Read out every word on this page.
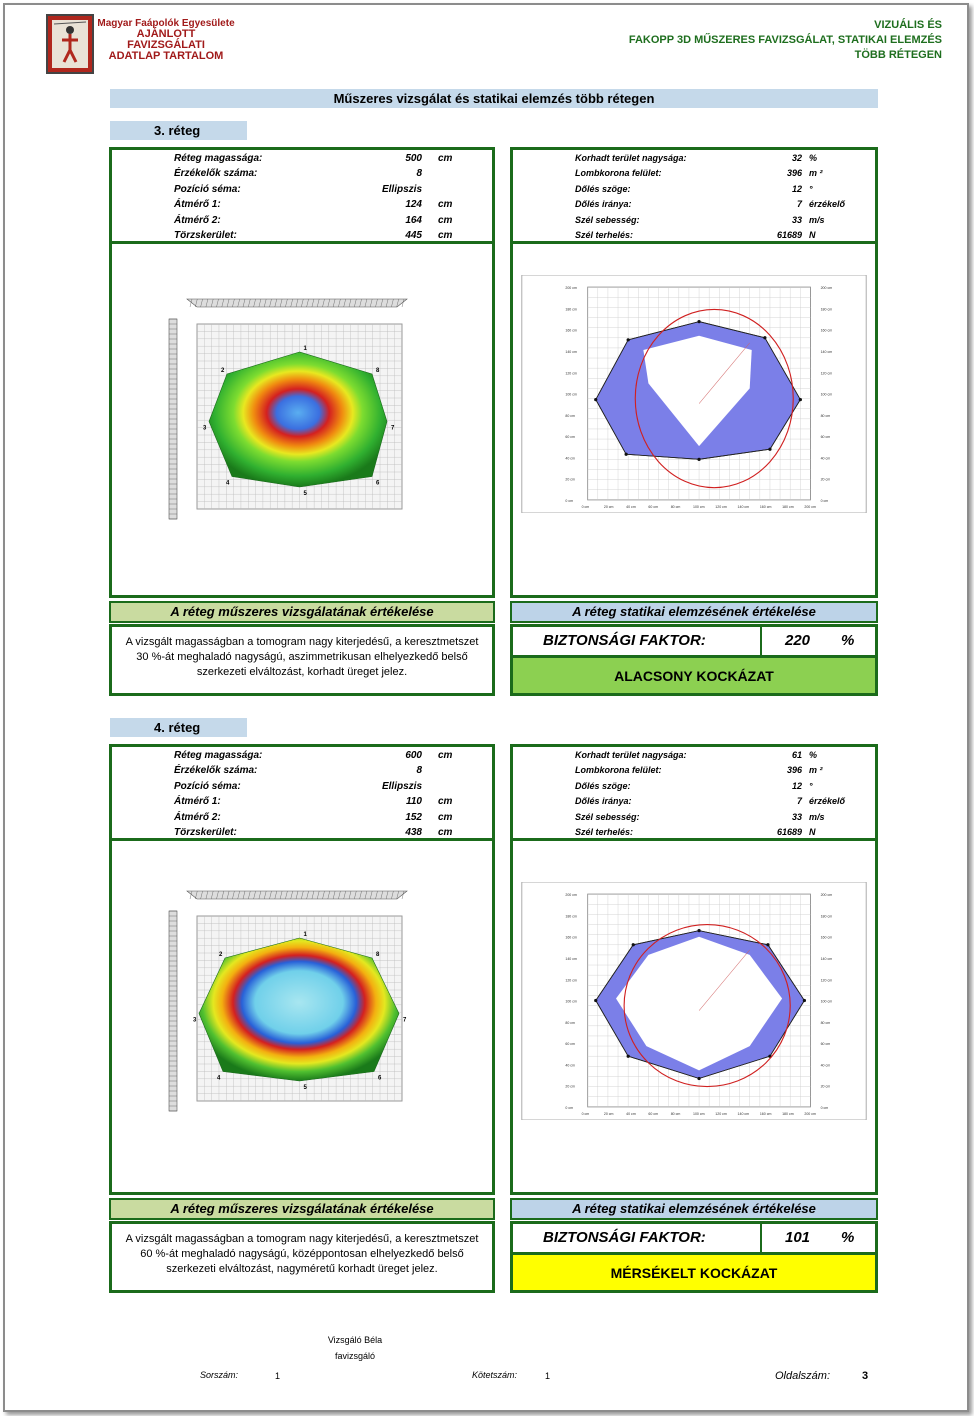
Magyar Faápolók Egyesülete
AJÁNLOTT
FAVIZSGÁLATI
ADATLAP TARTALOM
VIZUÁLIS ÉS
FAKOPP 3D MŰSZERES FAVIZSGÁLAT, STATIKAI ELEMZÉS
TÖBB RÉTEGEN
Műszeres vizsgálat és statikai elemzés több rétegen
3. réteg
Réteg magassága:	500 cm
Érzékelők száma:	8
Pozíció séma:	Ellipszis
Átmérő 1:	124 cm
Átmérő 2:	164 cm
Törzskerület:	445 cm
Korhadt terület nagysága:	32 %
Lombkorona felület:	396 m ²
Dőlés szöge:	12 °
Dőlés iránya:	7 érzékelő
Szél sebesség:	33 m/s
Szél terhelés:	61689 N
1
2
3
4
5
6
7
8
200 cm	200 cm
180 cm	180 cm
160 cm	160 cm
140 cm	140 cm
120 cm	120 cm
100 cm	100 cm
80 cm	80 cm
60 cm	60 cm
40 cm	40 cm
20 cm	20 cm
0 cm	0 cm
0 cm	20 cm	40 cm	60 cm	80 cm	100 cm	120 cm	140 cm	160 cm	180 cm	200 cm
A réteg műszeres vizsgálatának értékelése	A réteg statikai elemzésének értékelése
A vizsgált magasságban a tomogram nagy kiterjedésű, a keresztmetszet 30 %-át meghaladó nagyságú, aszimmetrikusan elhelyezkedő belső szerkezeti elváltozást, korhadt üreget jelez.
BIZTONSÁGI FAKTOR:	220 %
ALACSONY KOCKÁZAT
4. réteg
Réteg magassága:	600 cm
Érzékelők száma:	8
Pozíció séma:	Ellipszis
Átmérő 1:	110 cm
Átmérő 2:	152 cm
Törzskerület:	438 cm
Korhadt terület nagysága:	61 %
Lombkorona felület:	396 m ²
Dőlés szöge:	12 °
Dőlés iránya:	7 érzékelő
Szél sebesség:	33 m/s
Szél terhelés:	61689 N
1
2
3
4
5
6
7
8
200 cm	200 cm
180 cm	180 cm
160 cm	160 cm
140 cm	140 cm
120 cm	120 cm
100 cm	100 cm
80 cm	80 cm
60 cm	60 cm
40 cm	40 cm
20 cm	20 cm
0 cm	0 cm
0 cm	20 cm	40 cm	60 cm	80 cm	100 cm	120 cm	140 cm	160 cm	180 cm	200 cm
A réteg műszeres vizsgálatának értékelése	A réteg statikai elemzésének értékelése
A vizsgált magasságban a tomogram nagy kiterjedésű, a keresztmetszet 60 %-át meghaladó nagyságú, középpontosan elhelyezkedő belső szerkezeti elváltozást, nagyméretű korhadt üreget jelez.
BIZTONSÁGI FAKTOR:	101 %
MÉRSÉKELT KOCKÁZAT
Vizsgáló Béla
favizsgáló
Sorszám:	1	Kötetszám:	1	Oldalszám:	3
